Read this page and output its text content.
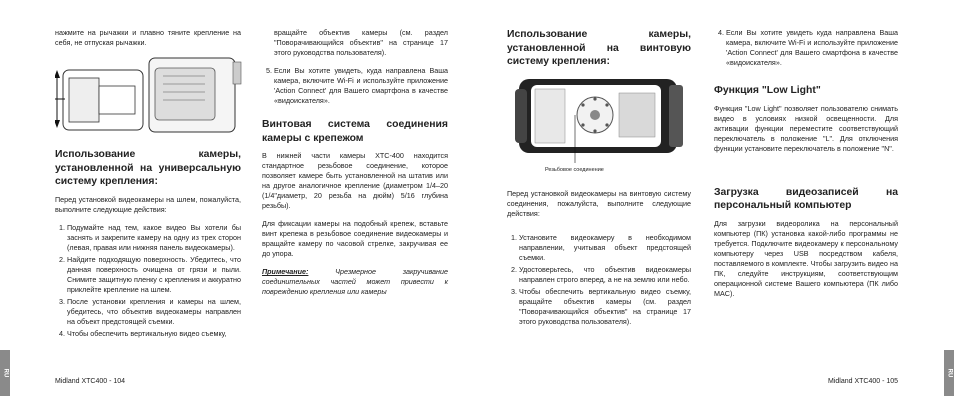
нажмите на рычажки и плавно тяните крепление на себя, не отпуская рычажки.

Использование камеры, установленной на универсальную систему крепления:

Перед установкой видеокамеры на шлем, пожалуйста, выполните следующие действия:

1. Подумайте над тем, какое видео Вы хотели бы заснять и закрепите камеру на одну из трех сторон (левая, правая или нижняя панель видеокамеры).
2. Найдите подходящую поверхность. Убедитесь, что данная поверхность очищена от грязи и пыли. Снимите защитную пленку с крепления и аккуратно приклейте крепление на шлем.
3. После установки крепления и камеры на шлем, убедитесь, что объектив видеокамеры направлен на объект предстоящей съемки.
4. Чтобы обеспечить вертикальную видео съемку,

вращайте объектив камеры (см. раздел "Поворачивающийся объектив" на странице 17 этого руководства пользователя).

5. Если Вы хотите увидеть, куда направлена Ваша камера, включите Wi-Fi и используйте приложение 'Action Connect' для Вашего смартфона в качестве «видоискателя».
Винтовая система соединения камеры с крепежом

В нижней части камеры XTC-400 находится стандартное резьбовое соединение, которое позволяет камере быть установленной на штатив или на другое аналогичное крепление (диаметром 1/4–20 (1/4"диаметр, 20 резьба на дюйм) 5/16 глубина резьбы).

Для фиксации камеры на подобный крепеж, вставьте винт крепежа в резьбовое соединение видеокамеры и вращайте камеру по часовой стрелке, закручивая ее до упора.

Примечание:	Чрезмерное закручивание соединительных частей может привести к повреждению крепления или камеры

Использование камеры, установленной на винтовую систему крепления:
Резьбовое соединение

Перед установкой видеокамеры на винтовую систему соединения, пожалуйста, выполните следующие действия:

1. Установите видеокамеру в необходимом направлении, учитывая объект предстоящей съемки.
2. Удостоверьтесь, что объектив видеокамеры направлен строго вперед, а не на землю или небо.
3. Чтобы обеспечить вертикальную видео съемку, вращайте объектив камеры (см. раздел "Поворачивающийся объектив" на странице 17 этого руководства пользователя).
4. Если Вы хотите увидеть куда направлена Ваша камера, включите Wi-Fi и используйте приложение 'Action Connect' для Вашего смартфона в качестве «видоискателя».
Функция "Low Light"

Функция "Low Light" позволяет пользователю снимать видео в условиях низкой освещенности. Для активации функции переместите соответствующий переключатель в положение "L". Для отключения функции установите переключатель в положение "N".

Загрузка видеозаписей на персональный компьютер

Для загрузки видеоролика на персональный компьютер (ПК) установка какой-либо программы не требуется. Подключите видеокамеру к персональному компьютеру через USB посредством кабеля, поставляемого в комплекте. Чтобы загрузить видео на ПК, следуйте инструкциям, соответствующим операционной системе Вашего компьютера (ПК либо MAC).

RU	RU
Midland XTC400 - 104	Midland XTC400 - 105
